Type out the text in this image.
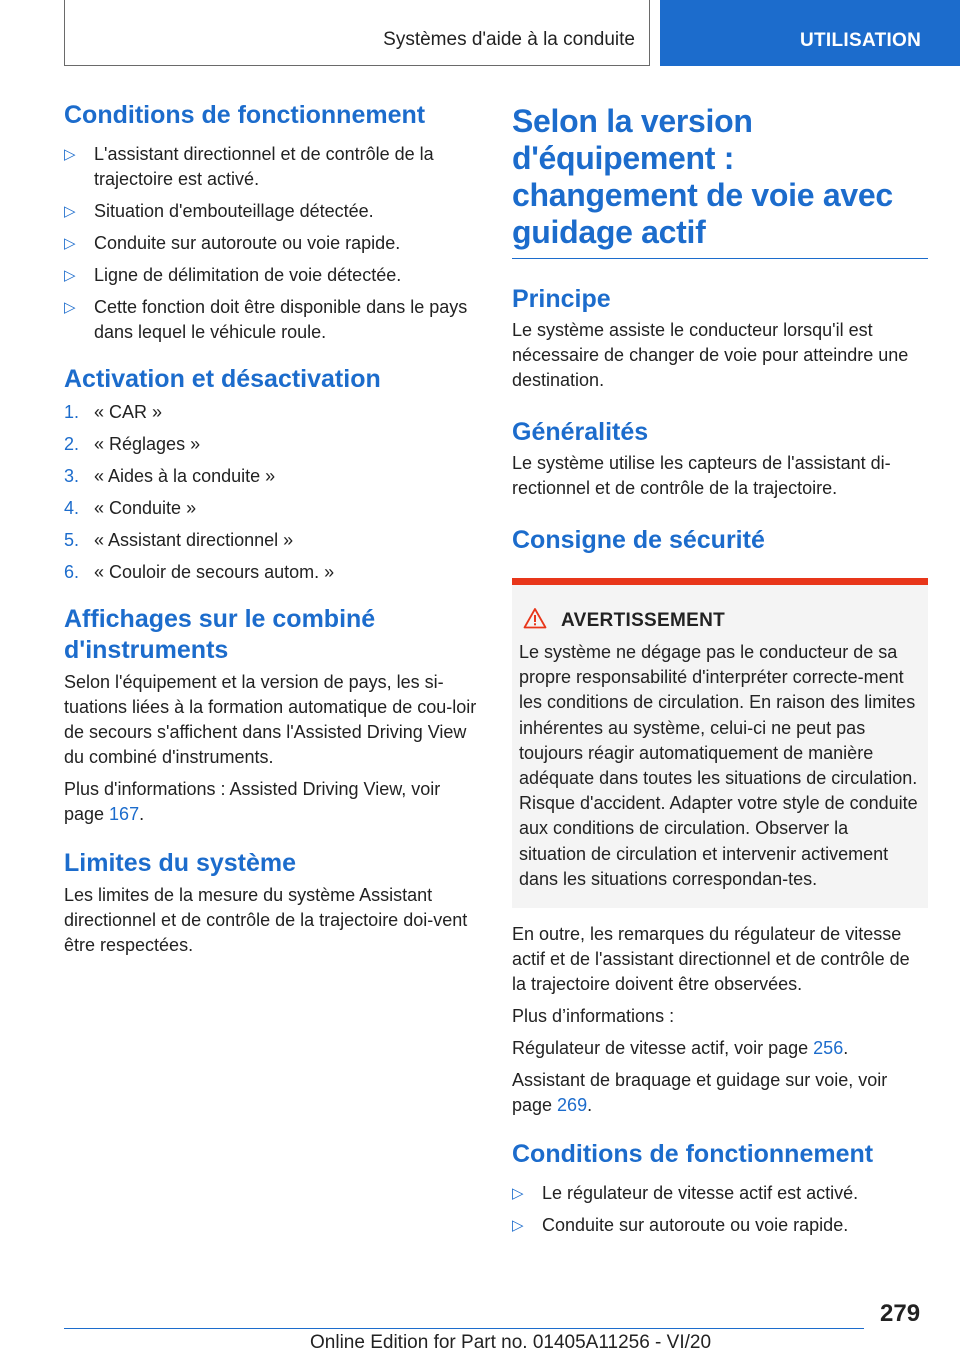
Systèmes d'aide à la conduite	UTILISATION
Conditions de fonctionnement
▷ L'assistant directionnel et de contrôle de la trajectoire est activé.
▷ Situation d'embouteillage détectée.
▷ Conduite sur autoroute ou voie rapide.
▷ Ligne de délimitation de voie détectée.
▷ Cette fonction doit être disponible dans le pays dans lequel le véhicule roule.
Activation et désactivation
1. « CAR »
2. « Réglages »
3. « Aides à la conduite »
4. « Conduite »
5. « Assistant directionnel »
6. « Couloir de secours autom. »
Affichages sur le combiné d'instruments

Selon l'équipement et la version de pays, les si-tuations liées à la formation automatique de cou-loir de secours s'affichent dans l'Assisted Driving View du combiné d'instruments.

Plus d'informations : Assisted Driving View, voir page 167.

Limites du système

Les limites de la mesure du système Assistant directionnel et de contrôle de la trajectoire doi-vent être respectées.

Selon la version d'équipement : changement de voie avec guidage actif
Principe

Le système assiste le conducteur lorsqu'il est nécessaire de changer de voie pour atteindre une destination.

Généralités

Le système utilise les capteurs de l'assistant di-rectionnel et de contrôle de la trajectoire.

Consigne de sécurité
AVERTISSEMENT

Le système ne dégage pas le conducteur de sa propre responsabilité d'interpréter correcte-ment les conditions de circulation. En raison des limites inhérentes au système, celui-ci ne peut pas toujours réagir automatiquement de manière adéquate dans toutes les situations de circulation. Risque d'accident. Adapter votre style de conduite aux conditions de circulation. Observer la situation de circulation et intervenir activement dans les situations correspondan-tes.

En outre, les remarques du régulateur de vitesse actif et de l'assistant directionnel et de contrôle de la trajectoire doivent être observées.

Plus d’informations :

Régulateur de vitesse actif, voir page 256.

Assistant de braquage et guidage sur voie, voir page 269.

Conditions de fonctionnement
▷ Le régulateur de vitesse actif est activé.
▷ Conduite sur autoroute ou voie rapide.
279
Online Edition for Part no. 01405A11256 - VI/20
